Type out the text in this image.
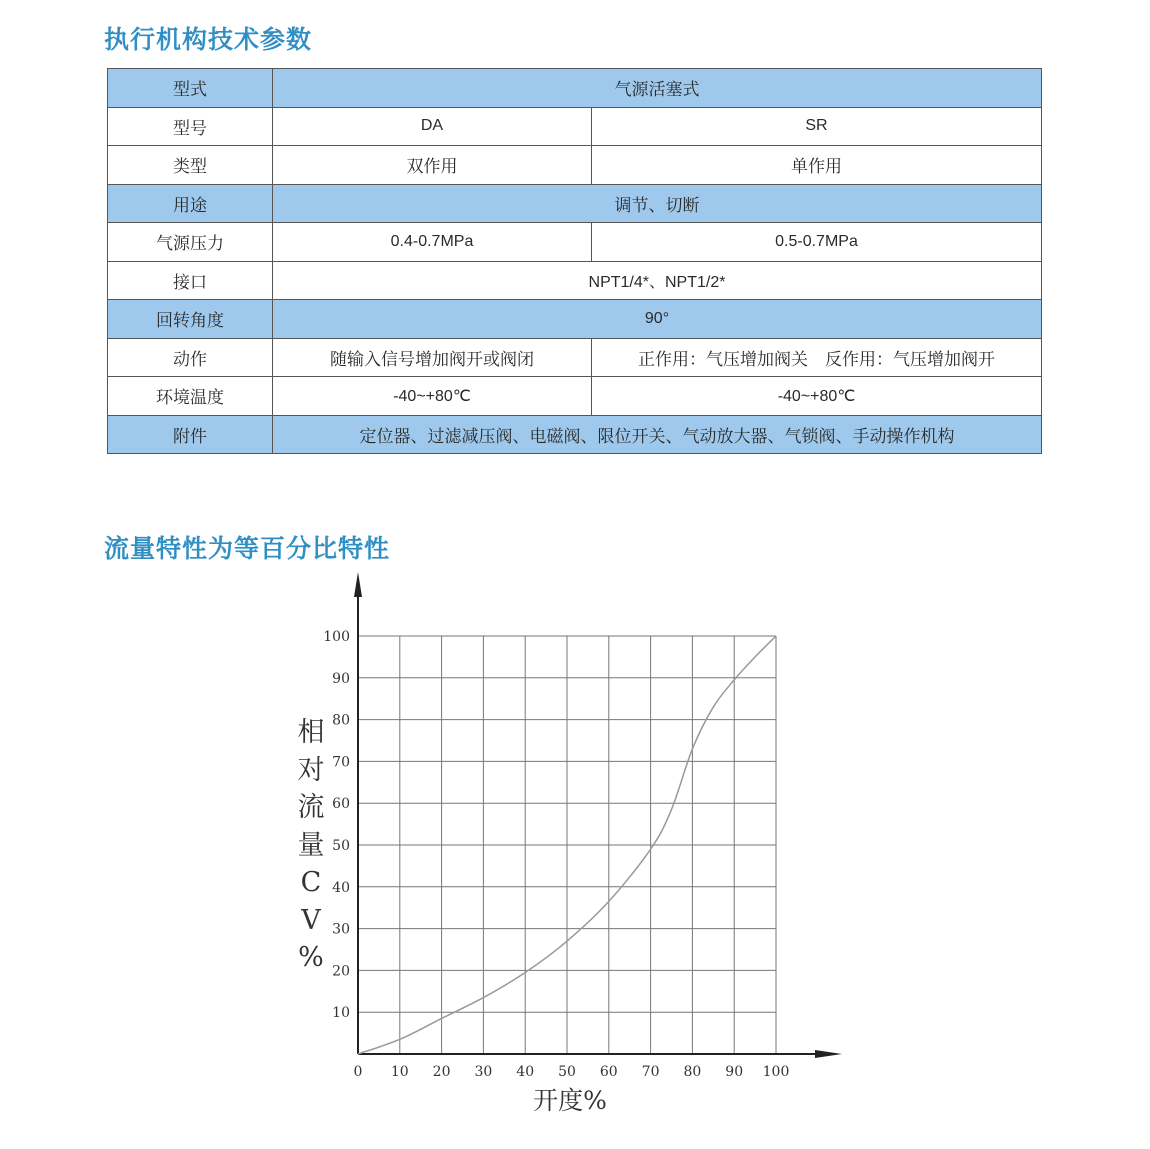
执行机构技术参数
型式	气源活塞式	
型号	DA	SR
类型	双作用	单作用
用途	调节、切断	
气源压力	0.4-0.7MPa	0.5-0.7MPa
接口	NPT1/4*、NPT1/2*	
回转角度	90°	
动作	随输入信号增加阀开或阀闭	正作用：气压增加阀关　反作用：气压增加阀开
环境温度	-40~+80℃	-40~+80℃
附件	定位器、过滤减压阀、电磁阀、限位开关、气动放大器、气锁阀、手动操作机构	
流量特性为等百分比特性
0 10 20 30 40 50 60 70 80 90 100
10
20
30
40
50
60
70
80
90
100
开度%
相
对
流
量
C
V
%
